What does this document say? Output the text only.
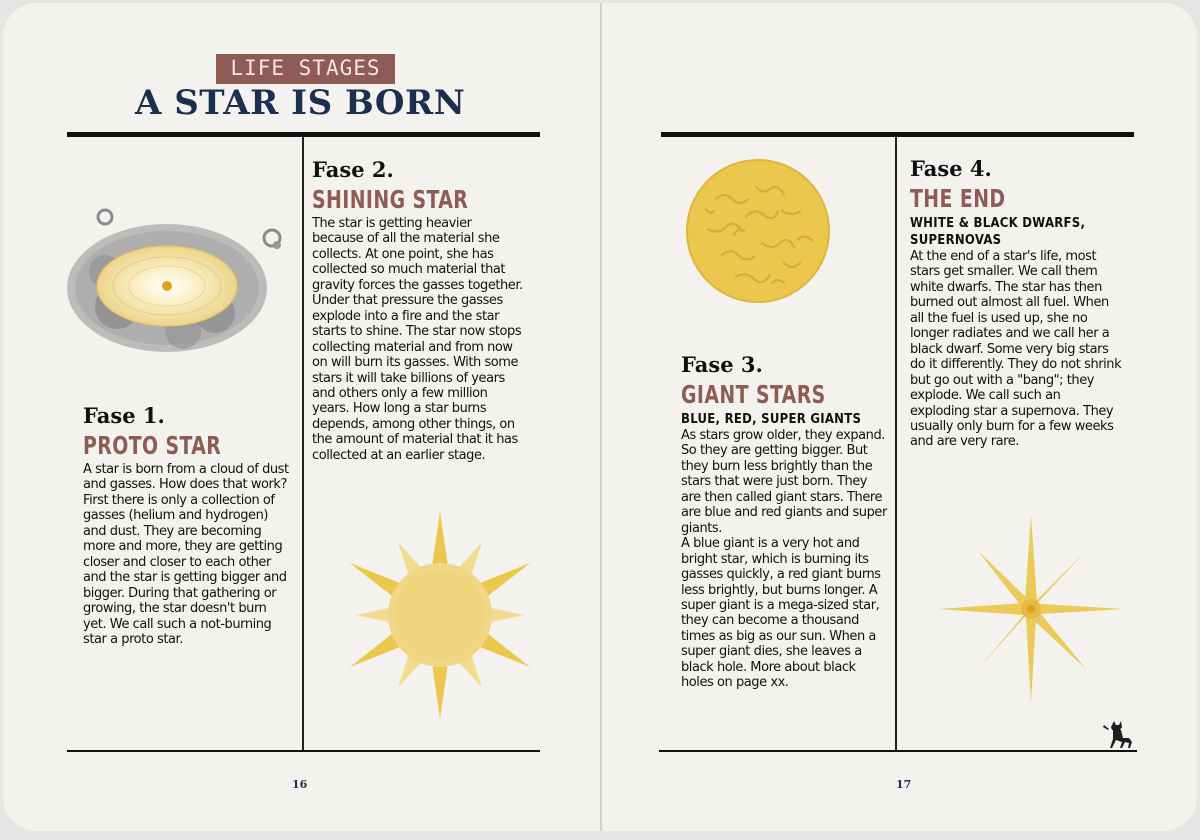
LIFE STAGES
A STAR IS BORN
Fase 1.
PROTO STAR
A star is born from a cloud of dust and gasses. How does that work? First there is only a collection of gasses (helium and hydrogen) and dust. They are becoming more and more, they are getting closer and closer to each other and the star is getting bigger and bigger. During that gathering or growing, the star doesn't burn yet. We call such a not-burning star a proto star.
Fase 2.
SHINING STAR
The star is getting heavier because of all the material she collects. At one point, she has collected so much material that gravity forces the gasses together. Under that pressure the gasses explode into a fire and the star starts to shine. The star now stops collecting material and from now on will burn its gasses. With some stars it will take billions of years and others only a few million years. How long a star burns depends, among other things, on the amount of material that it has collected at an earlier stage.
16
Fase 3.
GIANT STARS
BLUE, RED, SUPER GIANTS

As stars grow older, they expand. So they are getting bigger. But they burn less brightly than the stars that were just born. They are then called giant stars. There are blue and red giants and super giants.

A blue giant is a very hot and bright star, which is burning its gasses quickly, a red giant burns less brightly, but burns longer. A super giant is a mega-sized star, they can become a thousand times as big as our sun. When a super giant dies, she leaves a black hole. More about black holes on page xx.

Fase 4.
THE END
WHITE & BLACK DWARFS, SUPERNOVAS
At the end of a star's life, most stars get smaller. We call them white dwarfs. The star has then burned out almost all fuel. When all the fuel is used up, she no longer radiates and we call her a black dwarf. Some very big stars do it differently. They do not shrink but go out with a "bang"; they explode. We call such an exploding star a supernova. They usually only burn for a few weeks and are very rare.
17
